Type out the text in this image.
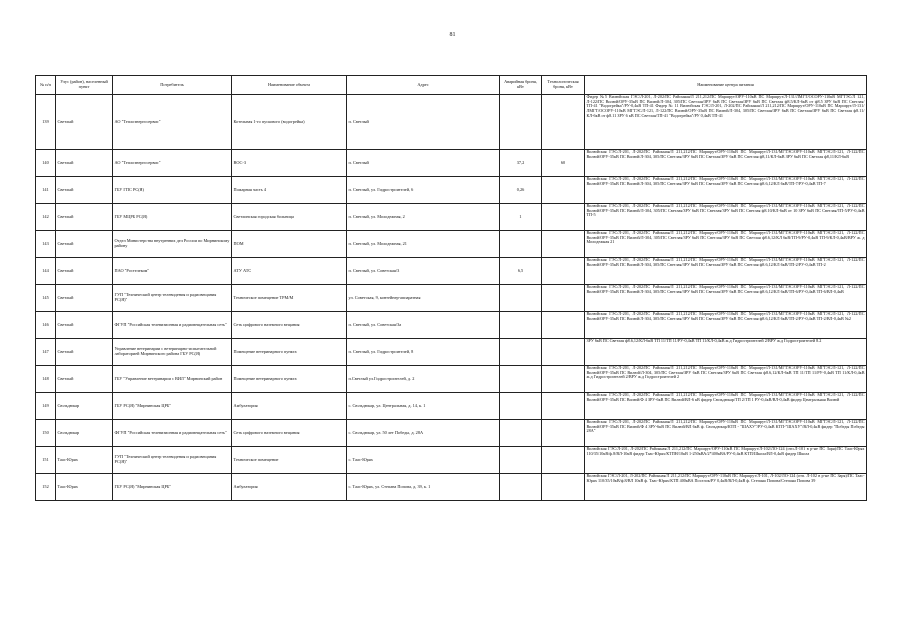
81
№ п/п	Улус (район), населенный пункт	Потребитель	Наименование объекта	Адрес	Аварийная броня, кВт	Технологическая броня, кВт	Наименование центра питания
139	Светлый	АО "Теплоэнергосервис"	Котельная 1-го пускового (водогрейка)	п. Светлый			Фидер №5 Вилюйская ГЭС/Л-201, Л-202/ПС Районная/Л 211,212/ПС Маршрут/ОРУ-110кВ ПС Маршрут/Л-131/ЛМГТ/ОСОРУ-110кВ МГТЭС/Л 121, Л-122/ПС Вилюй/ОРУ-35кВ ПС Вилюй/Л-304, 305/ПС Светлая/ЗРУ 6кВ ПС Светлая/ЗРУ 6кВ ПС Светлая ф8.5/КЛ-6кВ от ф8.5 ЗРУ 6кВ ПС Светлая/ТП-41 "Водогрейка"/РУ-0,4кВ ТП-41 Фидер № 11 Вилюйская ГЭС/Л-201, Л-202/ПС Районная/Л 211,212/ПС Маршрут/ОРУ-110кВ ПС Маршрут/Л-131/ЛМГТ/ОСОРУ-110кВ МГТЭС/Л-121, Л-122/ПС Вилюй/ОРУ-35кВ ПС Вилюй/Л-304, 305/ПС Светлая/ЗРУ 6кВ ПС Светлая/ЗРУ 6кВ ПС Светлая ф8.11/КЛ-6кВ от ф8.11 ЗРУ 6 кВ ПС Светлая/ТП-41 "Водогрейка"/РУ 0,4кВ ТП-41
140	Светлый	АО "Теплоэнергосервис"	ВОС-3	п. Светлый	37,2	60	Вилюйская ГЭС/Л-201, Л-202/ПС Районная/Л 211,212/ПС Маршрут/ОРУ-110кВ ПС Маршрут/Л-131/МГТЭС/ОРУ-110кВ МГТЭС/Л-121, Л-122/ПС Вилюй/ОРУ-35кВ ПС Вилюй/Л-304, 305/ПС Светлая/ЗРУ 6кВ ПС Светлая/ЗРУ 6кВ ПС Светлая ф8,11/КЛ-6кВ ЗРУ 6кВ ПС Светлая ф8,11/КЛ-6кВ
141	Светлый	ГБУ ГПС РС(Я)	Пожарная часть 4	п. Светлый, ул. Гидростроителей, 6	0,26		Вилюйская ГЭС/Л-201, Л-202/ПС Районная/Л 211,212/ПС Маршрут/ОРУ-110кВ ПС Маршрут/Л-131/МГТЭС/ОРУ-110кВ МГТЭС/Л-121, Л-122/ПС Вилюй/ОРУ-35кВ ПС Вилюй/Л-304, 305/ПС Светлая/ЗРУ 6кВ ПС Светлая/ЗРУ 6кВ ПС Светлая ф8.6,12/КЛ 6кВ/ТП-7/РУ-0,4кВ ТП-7
142	Светлый	ГБУ МЦРБ РС(Я)	Светлинская городская больница	п. Светлый, ул. Молодежная, 2	1		Вилюйская ГЭС/Л-201, Л-202/ПС Районная/Л 211,212/ПС Маршрут/ОРУ-110кВ ПС Маршрут/Л-131/МГТЭС/ОРУ-110кВ МГТЭС/Л-121, Л-122/ПС Вилюй/ОРУ-35кВ ПС Вилюй/Л-304, 305/ПС Светлая/ЗРУ 6кВ ПС Светлая/ЗРУ 6кВ ПС Светлая ф8.10/КЛ-6кВ от 10 ЗРУ 6кВ ПС Светлая/ТП-5/РУ-0,4кВ ТП-5
143	Светлый	Отдел Министерства внутренних дел России по Мирнинскому району	ПОМ	п. Светлый, ул. Молодежная, 21			Вилюйская ГЭС/Л-201, Л-202/ПС Районная/Л 211,212/ПС Маршрут/ОРУ-110кВ ПС Маршрут/Л-131/МГТЭС/ОРУ-110кВ МГТЭС/Л-121, Л-122/ПС Вилюй/ОРУ-35кВ ПС Вилюй/Л-304, 305/ПС Светлая/ЗРУ 6кВ ПС Светлая/ЗРУ 6кВ ПС Светлая ф8.6,12/КЛ 6кВ/ТП-9/РУ-0,4кВ ТП-9/КЛ-0,4кВ/ВРУ ж. д Молодежная 21
144	Светлый	ПАО "Ростелеком"	АТУ АТС	п. Светлый, ул. Советская/3	6,5		Вилюйская ГЭС/Л-201, Л-202/ПС Районная/Л 211,212/ПС Маршрут/ОРУ-110кВ ПС Маршрут/Л-131/МГТЭС/ОРУ-110кВ МГТЭС/Л-121, Л-122/ПС Вилюй/ОРУ-35кВ ПС Вилюй/Л-304, 305/ПС Светлая/ЗРУ 6кВ ПС Светлая/ЗРУ 6кВ ПС Светлая ф8.6,12/КЛ 6кВ/ТП-2/РУ-0,4кВ ТП-2
145	Светлый	ГУП "Технический центр телевидения и радиовещания РС(Я)"	Техническое помещение ТРМ/М	ул. Советская, 9, контейнер-аппаратная			Вилюйская ГЭС/Л-201, Л-202/ПС Районная/Л 211,212/ПС Маршрут/ОРУ-110кВ ПС Маршрут/Л-131/МГТЭС/ОРУ-110кВ МГТЭС/Л-121, Л-122/ПС Вилюй/ОРУ-35кВ ПС Вилюй/Л-304, 305/ПС Светлая/ЗРУ 6кВ ПС Светлая/ЗРУ 6кВ ПС Светлая ф8.6,12/КЛ 6кВ/ТП-6/РУ-0,4кВ ТП-6/ВЛ-0,4кВ
146	Светлый	ФГУП "Российская телевизионная и радиовещательная сеть"	Сеть цифрового наземного вещания	п. Светлый, ул. Советская/3а			Вилюйская ГЭС/Л-201, Л-202/ПС Районная/Л 211,212/ПС Маршрут/ОРУ-110кВ ПС Маршрут/Л-131/МГТЭС/ОРУ-110кВ МГТЭС/Л-121, Л-122/ПС Вилюй/ОРУ-35кВ ПС Вилюй/Л-304, 305/ПС Светлая/ЗРУ 6кВ ПС Светлая/ЗРУ 6кВ ПС Светлая ф8.6,12/КЛ 6кВ/ТП-2/РУ-0,4кВ ТП-2/ВЛ-0,4кВ №2
147	Светлый	Управление ветеринарии с ветеринарно-испытательной лабораторией Мирнинского района ГБУ РС(Я)	Помещение ветеринарного пункта	п. Светлый, ул. Гидростроителей, 8			ЗРУ 6кВ ПС Светлая ф8.6,12/КЛ-6кВ ТП 11/ТП 11/РУ-0,4кВ ТП 11/КЛ-0,4кВ ж.д Гидростроителей 2/ВРУ ж.д Гидростроителей 8.2
148	Светлый	ГБУ "Управление ветеринарии с ВИЛ" Мирнинский район	Помещение ветеринарного пункта	п.Светлый ул.Гидростроителей, д. 2			Вилюйская ГЭС/Л-201, Л-202/ПС Районная/Л 211,212/ПС Маршрут/ОРУ-110кВ ПС Маршрут/Л-131/МГТЭС/ОРУ-110кВ МГТЭС/Л-121, Л-122/ПС Вилюй/ОРУ-35кВ ПС Вилюй/Л-304, 305/ПС Светлая/ЗРУ 6кВ ПС Светлая/ЗРУ 6кВ ПС Светлая ф8.6,12/КЛ-6кВ ТП 11/ТП 11/РУ-0,4кВ ТП 11/КЛ-0,4кВ ж.д Гидростроителей 2/ВРУ ж.д Гидростроителей 2
149	Сюльдюкар	ГБУ РС(Я) "Мирнинская ЦРБ"	Амбулатория	с. Сюльдюкар, ул. Центральная, д. 14, к. 1			Вилюйская ГЭС/Л-201, Л-202/ПС Районная/Л 211,212/ПС Маршрут/ОРУ-110кВ ПС Маршрут/Л-131/МГТЭС/ОРУ-110кВ МГТЭС/Л-121, Л-122/ПС Вилюй/ОРУ-35кВ ПС Вилюй/Ф 4 ЗРУ-6кВ ПС Вилюй/ВЛ-6 кВ фидер Сюльдюкар/ТП 2/ТП 1 РУ-0,4кВ/ВЛ-0,4кВ фидер Центральная Вилюй
150	Сюльдюкар	ФГУП "Российская телевизионная и радиовещательная сеть"	Сеть цифрового наземного вещания	с. Сюльдюкар, ул. 50 лет Победы, д. 28А			Вилюйская ГЭС/Л-201, Л-202/ПС Районная/Л 211,212/ПС Маршрут/ОРУ-110кВ ПС Маршрут/Л-131/МГТЭС/ОРУ-110кВ МГТЭС/Л-121, Л-122/ПС Вилюй/ОРУ-35кВ ПС Вилюй/Ф 4 ЗРУ-6кВ ПС Вилюй/ВЛ 6кВ ф. Сюльдюкар/КТП - "ШАХУ"/РУ-0,4кВ КТП-"ШАХУ"/ВЛ-0,4кВ фидер "Победы Победы 28А"
151	Таас-Юрях	ГУП "Технический центр телевидения и радиовещания РС(Я)"	Техническое помещение	с. Таас-Юрях			Вилюйская ГЭС/Л-201, Л-202/ПС Районная/Л 211,212/ПС Маршрут/ОРУ-110кВ ПС Маршрут/Л-102/ЛО-124 (отп.Л-101 в р-не ПС Заря)/ПС Таас-Юрях 110/35/10кВ/ф.8/ВЛ-10кВ фидер Таас-Юрях/КТПН/10кВ 1-250кВА/2*400кВА/РУ-0,4кВ КТП/Школа/ВЛ-0,4кВ фидер Школа
152	Таас-Юрях	ГБУ РС(Я) "Мирнинская ЦРБ"	Амбулатория	с. Таас-Юрях, ул. Степана Попова, д. 39, к. 1			Вилюйская ГЭС/Л-201, Л-202/ПС Районная/Л 211,212/ПС Маршрут/ОРУ-110кВ ПС Маршрут/Л-101, Л-102/ЛО-124 (отп. Л-102 в р-не ПС Заря)/ПС Таас-Юрях 110/35/10кВ/ф.8/ВЛ 10кВ ф. Таас-Юрях/КТП 400кВА Поселок/РУ 0,4кВ/ВЛ-0,4кВ ф. Степана Попова/Степана Попова 39
